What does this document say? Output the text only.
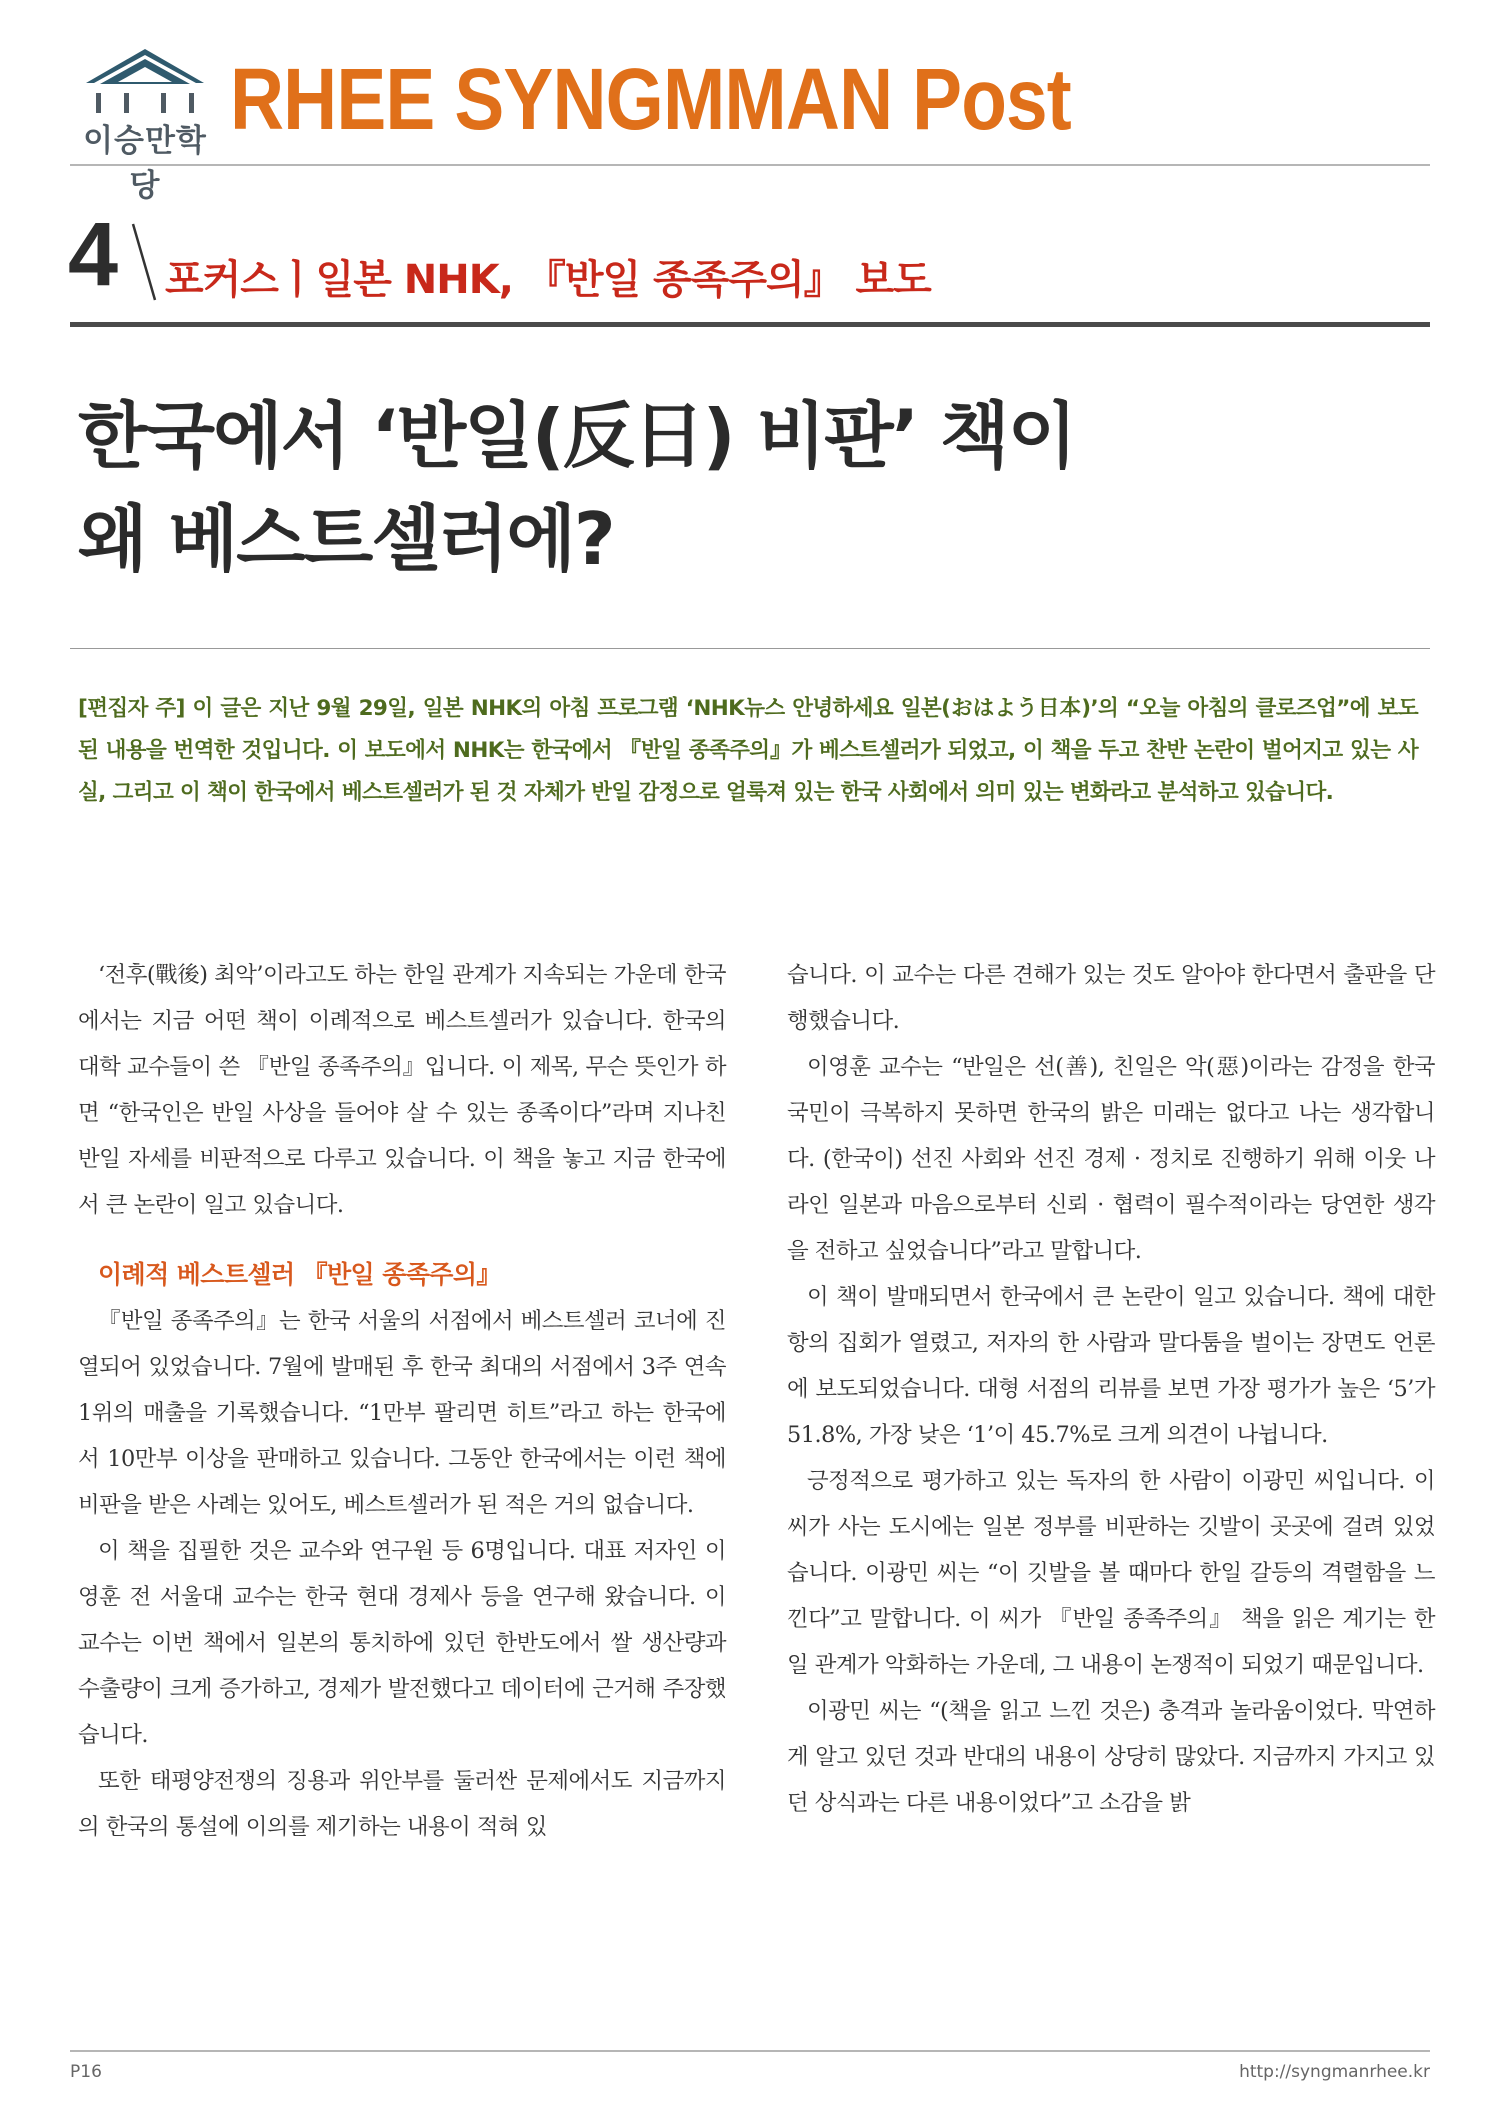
이승만학당
RHEE SYNGMMAN Post
4 포커스ㅣ일본 NHK, 『반일 종족주의』 보도
한국에서 ‘반일(反日) 비판’ 책이
왜 베스트셀러에?
[편집자 주] 이 글은 지난 9월 29일, 일본 NHK의 아침 프로그램 ‘NHK뉴스 안녕하세요 일본(おはよう日本)’의 “오늘 아침의 클로즈업”에 보도된 내용을 번역한 것입니다. 이 보도에서 NHK는 한국에서 『반일 종족주의』가 베스트셀러가 되었고, 이 책을 두고 찬반 논란이 벌어지고 있는 사실, 그리고 이 책이 한국에서 베스트셀러가 된 것 자체가 반일 감정으로 얼룩져 있는 한국 사회에서 의미 있는 변화라고 분석하고 있습니다.

‘전후(戰後) 최악’이라고도 하는 한일 관계가 지속되는 가운데 한국에서는 지금 어떤 책이 이례적으로 베스트셀러가 있습니다. 한국의 대학 교수들이 쓴 『반일 종족주의』입니다. 이 제목, 무슨 뜻인가 하면 “한국인은 반일 사상을 들어야 살 수 있는 종족이다”라며 지나친 반일 자세를 비판적으로 다루고 있습니다. 이 책을 놓고 지금 한국에서 큰 논란이 일고 있습니다.

이례적 베스트셀러 『반일 종족주의』

『반일 종족주의』는 한국 서울의 서점에서 베스트셀러 코너에 진열되어 있었습니다. 7월에 발매된 후 한국 최대의 서점에서 3주 연속 1위의 매출을 기록했습니다. “1만부 팔리면 히트”라고 하는 한국에서 10만부 이상을 판매하고 있습니다. 그동안 한국에서는 이런 책에 비판을 받은 사례는 있어도, 베스트셀러가 된 적은 거의 없습니다.

이 책을 집필한 것은 교수와 연구원 등 6명입니다. 대표 저자인 이영훈 전 서울대 교수는 한국 현대 경제사 등을 연구해 왔습니다. 이 교수는 이번 책에서 일본의 통치하에 있던 한반도에서 쌀 생산량과 수출량이 크게 증가하고, 경제가 발전했다고 데이터에 근거해 주장했습니다.

또한 태평양전쟁의 징용과 위안부를 둘러싼 문제에서도 지금까지의 한국의 통설에 이의를 제기하는 내용이 적혀 있

습니다. 이 교수는 다른 견해가 있는 것도 알아야 한다면서 출판을 단행했습니다.

이영훈 교수는 “반일은 선(善), 친일은 악(惡)이라는 감정을 한국 국민이 극복하지 못하면 한국의 밝은 미래는 없다고 나는 생각합니다. (한국이) 선진 사회와 선진 경제 · 정치로 진행하기 위해 이웃 나라인 일본과 마음으로부터 신뢰 · 협력이 필수적이라는 당연한 생각을 전하고 싶었습니다”라고 말합니다.

이 책이 발매되면서 한국에서 큰 논란이 일고 있습니다. 책에 대한 항의 집회가 열렸고, 저자의 한 사람과 말다툼을 벌이는 장면도 언론에 보도되었습니다. 대형 서점의 리뷰를 보면 가장 평가가 높은 ‘5’가 51.8%, 가장 낮은 ‘1’이 45.7%로 크게 의견이 나뉩니다.

긍정적으로 평가하고 있는 독자의 한 사람이 이광민 씨입니다. 이 씨가 사는 도시에는 일본 정부를 비판하는 깃발이 곳곳에 걸려 있었습니다. 이광민 씨는 “이 깃발을 볼 때마다 한일 갈등의 격렬함을 느낀다”고 말합니다. 이 씨가 『반일 종족주의』 책을 읽은 계기는 한일 관계가 악화하는 가운데, 그 내용이 논쟁적이 되었기 때문입니다.

이광민 씨는 “(책을 읽고 느낀 것은) 충격과 놀라움이었다. 막연하게 알고 있던 것과 반대의 내용이 상당히 많았다. 지금까지 가지고 있던 상식과는 다른 내용이었다”고 소감을 밝

P16	http://syngmanrhee.kr
